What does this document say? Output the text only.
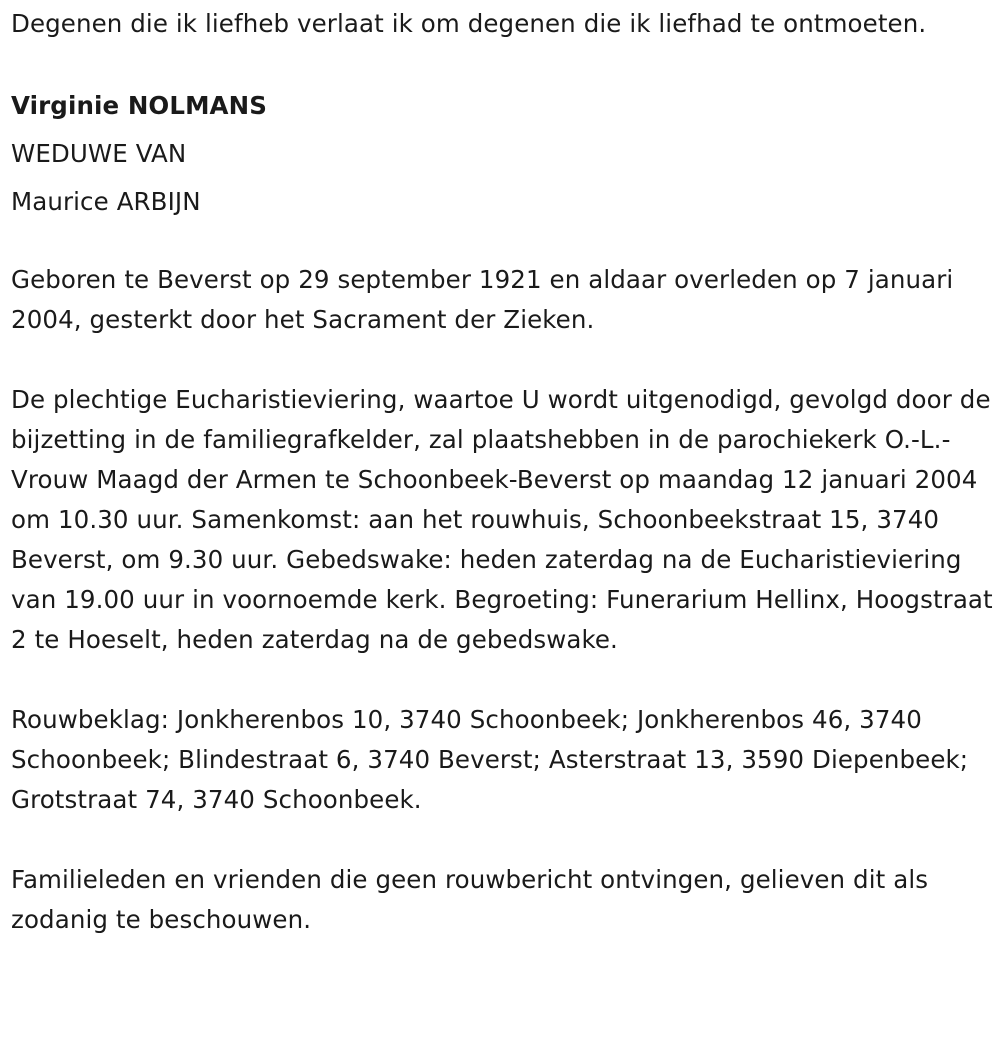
Degenen die ik liefheb verlaat ik om degenen die ik liefhad te ontmoeten.

Virginie NOLMANS

WEDUWE VAN

Maurice ARBIJN

Geboren te Beverst op 29 september 1921 en aldaar overleden op 7 januari 2004, gesterkt door het Sacrament der Zieken.

De plechtige Eucharistieviering, waartoe U wordt uitgenodigd, gevolgd door de bijzetting in de familiegrafkelder, zal plaatshebben in de parochiekerk O.-L.-Vrouw Maagd der Armen te Schoonbeek-Beverst op maandag 12 januari 2004 om 10.30 uur. Samenkomst: aan het rouwhuis, Schoonbeekstraat 15, 3740 Beverst, om 9.30 uur. Gebedswake: heden zaterdag na de Eucharistieviering van 19.00 uur in voornoemde kerk. Begroeting: Funerarium Hellinx, Hoogstraat 2 te Hoeselt, heden zaterdag na de gebedswake.

Rouwbeklag: Jonkherenbos 10, 3740 Schoonbeek; Jonkherenbos 46, 3740 Schoonbeek; Blindestraat 6, 3740 Beverst; Asterstraat 13, 3590 Diepenbeek; Grotstraat 74, 3740 Schoonbeek.

Familieleden en vrienden die geen rouwbericht ontvingen, gelieven dit als zodanig te beschouwen.
